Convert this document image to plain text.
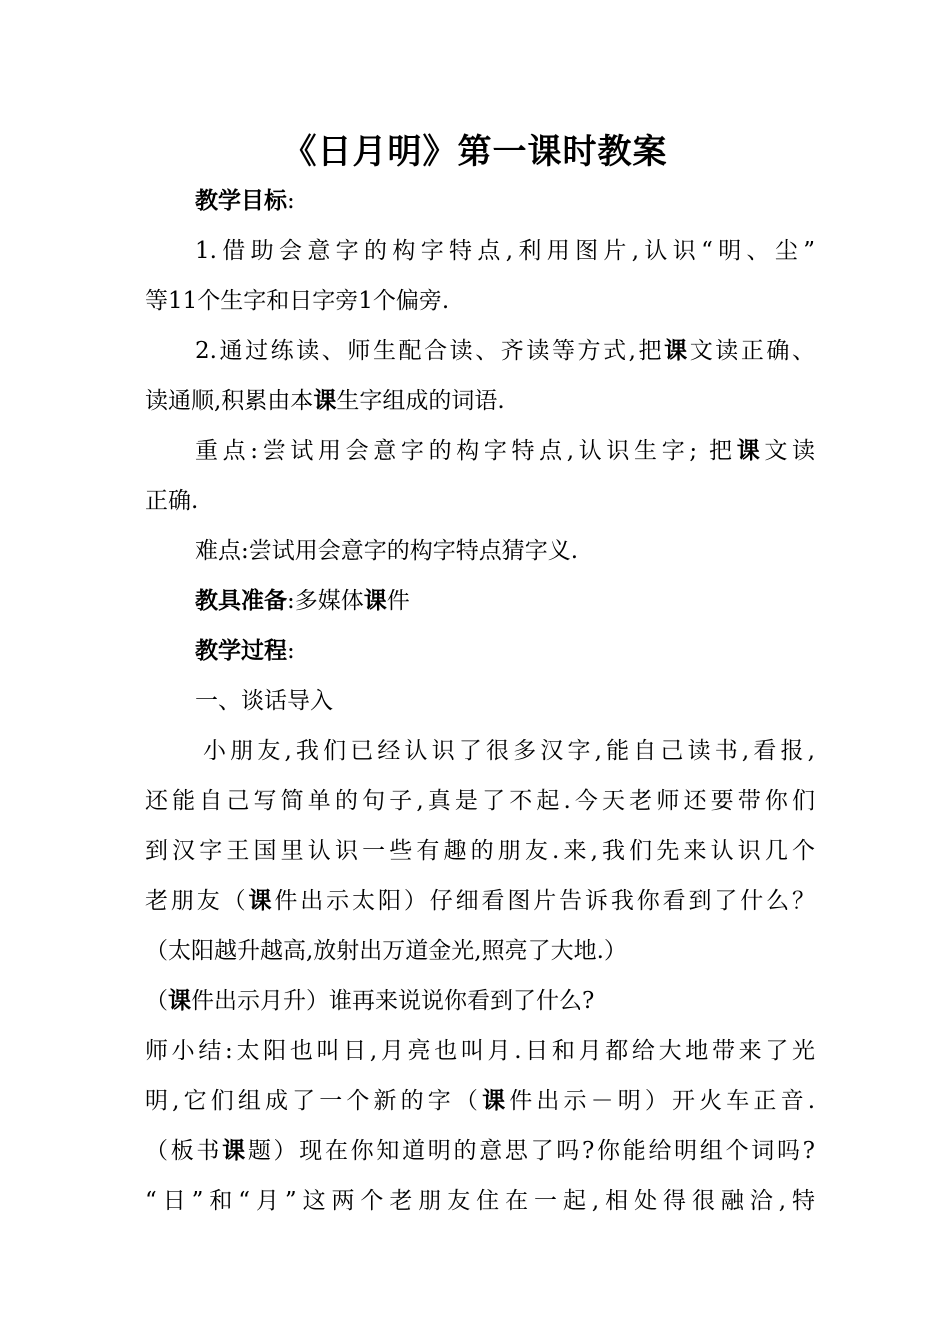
《日月明》第一课时教案

教学目标:

1.借助会意字的构字特点,利用图片,认识“明、尘”
等11个生字和日字旁1个偏旁.

2.通过练读、师生配合读、齐读等方式,把课文读正确、
读通顺,积累由本课生字组成的词语.

重点:尝试用会意字的构字特点,认识生字; 把课文读
正确.

难点:尝试用会意字的构字特点猜字义.

教具准备:多媒体课件

教学过程:

一、谈话导入

小朋友,我们已经认识了很多汉字,能自己读书,看报,
还能自己写简单的句子,真是了不起.今天老师还要带你们
到汉字王国里认识一些有趣的朋友.来,我们先来认识几个
老朋友（课件出示太阳）仔细看图片告诉我你看到了什么？
（太阳越升越高,放射出万道金光,照亮了大地.）

（课件出示月升）谁再来说说你看到了什么?

师小结:太阳也叫日,月亮也叫月.日和月都给大地带来了光
明,它们组成了一个新的字（课件出示－明）开火车正音.
（板书课题）现在你知道明的意思了吗?你能给明组个词吗?
“日”和“月”这两个老朋友住在一起,相处得很融洽,特
